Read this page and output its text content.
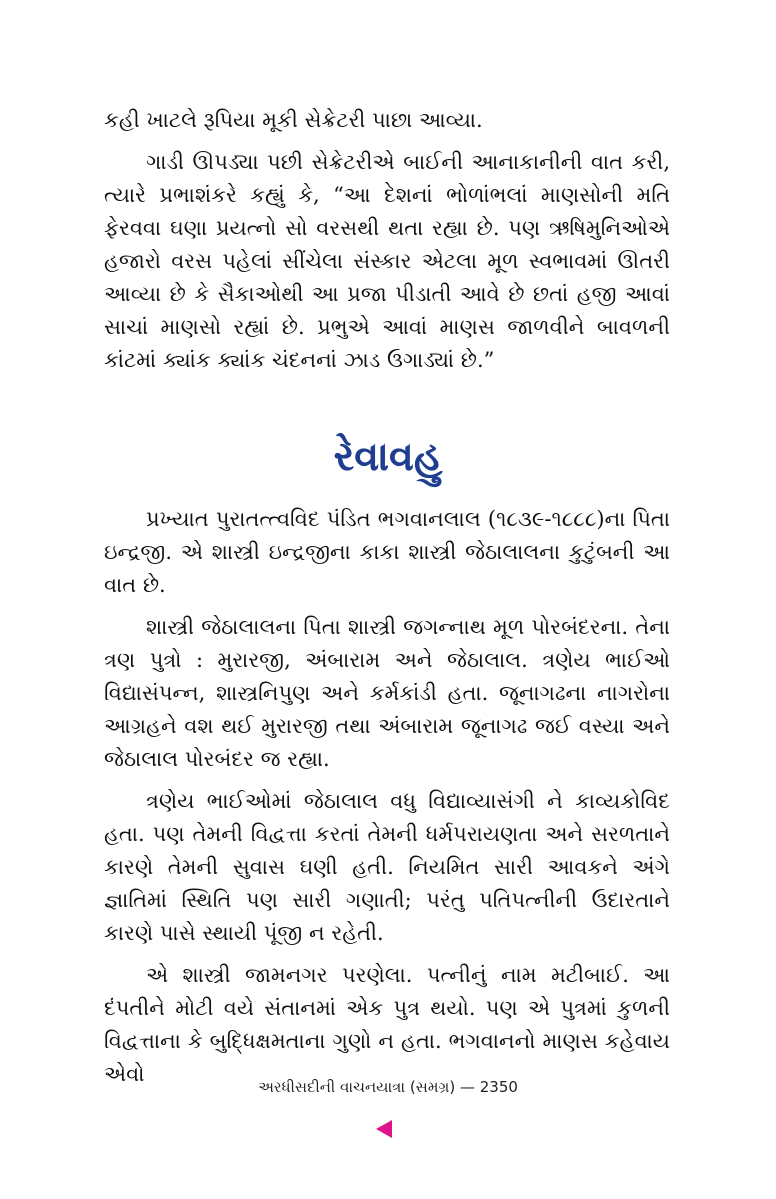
કહી ખાટલે રૂપિયા મૂકી સેક્રેટરી પાછા આવ્યા.

ગાડી ઊપડ્યા પછી સેક્રેટરીએ બાઈની આનાકાનીની વાત કરી, ત્યારે પ્રભાશંકરે કહ્યું કે, “આ દેશનાં ભોળાંભલાં માણસોની મતિ ફેરવવા ઘણા પ્રયત્નો સો વરસથી થતા રહ્યા છે. પણ ઋષિમુનિઓએ હજારો વરસ પહેલાં સીંચેલા સંસ્કાર એટલા મૂળ સ્વભાવમાં ઊતરી આવ્યા છે કે સૈકાઓથી આ પ્રજા પીડાતી આવે છે છતાં હજી આવાં સાચાં માણસો રહ્યાં છે. પ્રભુએ આવાં માણસ જાળવીને બાવળની કાંટમાં ક્યાંક ક્યાંક ચંદનનાં ઝાડ ઉગાડ્યાં છે.”

રેવાવહુ

પ્રખ્યાત પુરાતત્ત્વવિદ પંડિત ભગવાનલાલ (૧૮૩૯-૧૮૮૮)ના પિતા ઇન્દ્રજી. એ શાસ્ત્રી ઇન્દ્રજીના કાકા શાસ્ત્રી જેઠાલાલના કુટુંબની આ વાત છે.

શાસ્ત્રી જેઠાલાલના પિતા શાસ્ત્રી જગન્નાથ મૂળ પોરબંદરના. તેના ત્રણ પુત્રો : મુરારજી, અંબારામ અને જેઠાલાલ. ત્રણેય ભાઈઓ વિદ્યાસંપન્ન, શાસ્ત્રનિપુણ અને કર્મકાંડી હતા. જૂનાગઢના નાગરોના આગ્રહને વશ થઈ મુરારજી તથા અંબારામ જૂનાગઢ જઈ વસ્યા અને જેઠાલાલ પોરબંદર જ રહ્યા.

ત્રણેય ભાઈઓમાં જેઠાલાલ વધુ વિદ્યાવ્યાસંગી ને કાવ્યકોવિદ હતા. પણ તેમની વિદ્વત્તા કરતાં તેમની ધર્મપરાયણતા અને સરળતાને કારણે તેમની સુવાસ ઘણી હતી. નિયમિત સારી આવકને અંગે જ્ઞાતિમાં સ્થિતિ પણ સારી ગણાતી; પરંતુ પતિપત્નીની ઉદારતાને કારણે પાસે સ્થાયી પૂંજી ન રહેતી.

એ શાસ્ત્રી જામનગર પરણેલા. પત્નીનું નામ મટીબાઈ. આ દંપતીને મોટી વયે સંતાનમાં એક પુત્ર થયો. પણ એ પુત્રમાં કુળની વિદ્વત્તાના કે બુદ્ધિક્ષમતાના ગુણો ન હતા. ભગવાનનો માણસ કહેવાય એવો

અરધીસદીની વાચનયાત્રા (સમગ્ર) — 2350
